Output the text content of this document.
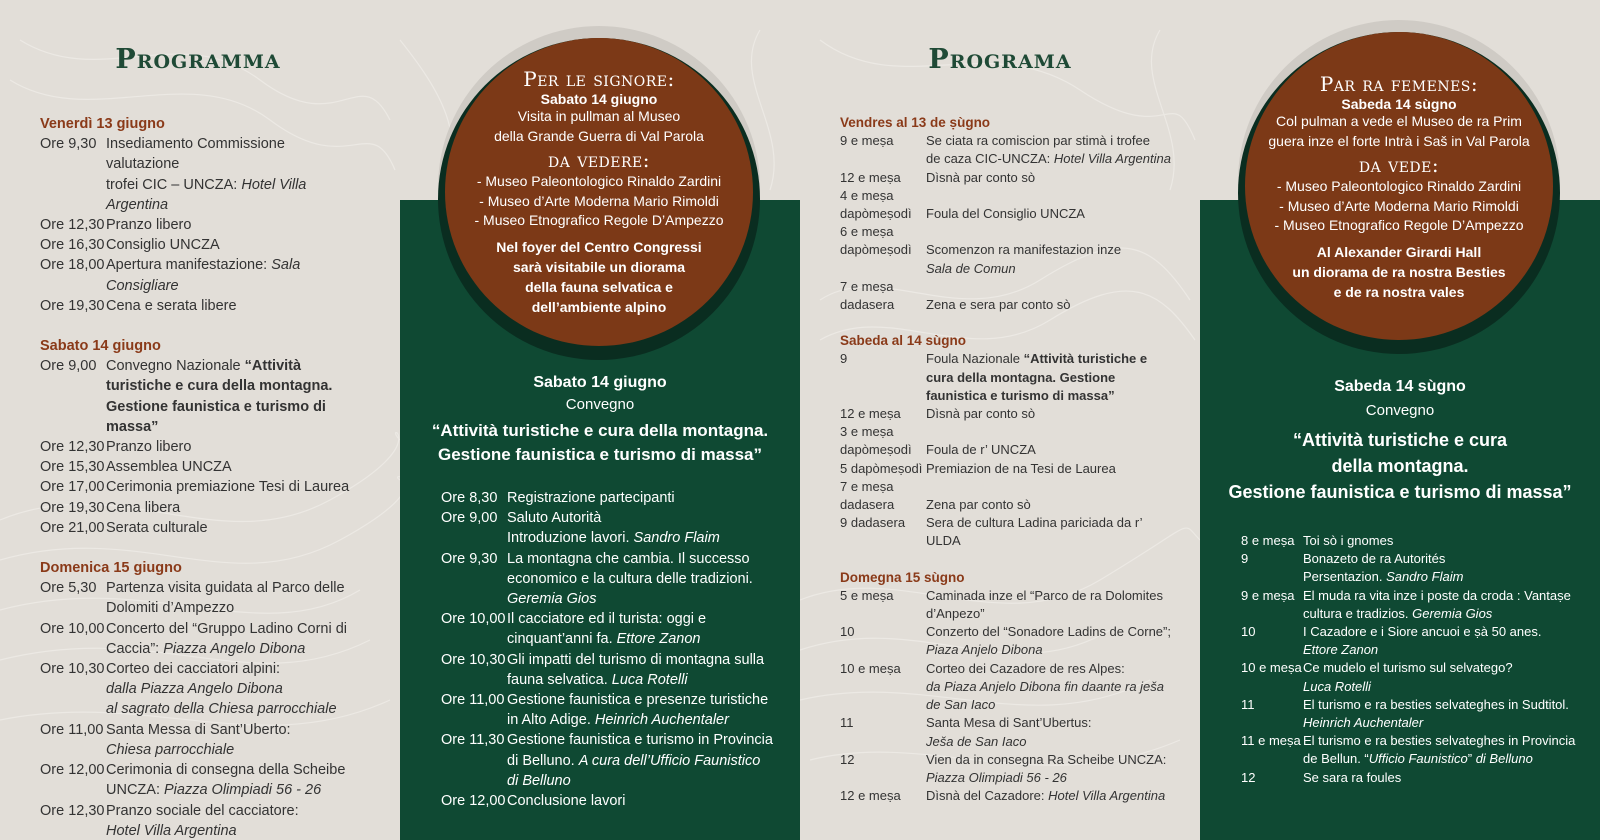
Programma
Venerdì 13 giugno
Ore 9,30 Insediamento Commissione valutazione
trofei CIC – UNCZA: Hotel Villa Argentina
Ore 12,30 Pranzo libero
Ore 16,30 Consiglio UNCZA
Ore 18,00 Apertura manifestazione: Sala Consigliare
Ore 19,30 Cena e serata libere
Sabato 14 giugno
Ore 9,00 Convegno Nazionale “Attività turistiche e cura della montagna. Gestione faunistica e turismo di massa”
Ore 12,30 Pranzo libero
Ore 15,30 Assemblea UNCZA
Ore 17,00 Cerimonia premiazione Tesi di Laurea
Ore 19,30 Cena libera
Ore 21,00 Serata culturale
Domenica 15 giugno
Ore 5,30 Partenza visita guidata al Parco delle Dolomiti d’Ampezzo
Ore 10,00 Concerto del “Gruppo Ladino Corni di Caccia”: Piazza Angelo Dibona
Ore 10,30 Corteo dei cacciatori alpini:
dalla Piazza Angelo Dibona
al sagrato della Chiesa parrocchiale
Ore 11,00 Santa Messa di Sant’Uberto:
Chiesa parrocchiale
Ore 12,00 Cerimonia di consegna della Scheibe UNCZA: Piazza Olimpiadi 56 - 26
Ore 12,30 Pranzo sociale del cacciatore:
Hotel Villa Argentina
Per le signore:
Sabato 14 giugno
Visita in pullman al Museo
della Grande Guerra di Val Parola
da vedere:
- Museo Paleontologico Rinaldo Zardini
- Museo d’Arte Moderna Mario Rimoldi
- Museo Etnografico Regole D’Ampezzo
Nel foyer del Centro Congressi
sarà visitabile un diorama
della fauna selvatica e
dell’ambiente alpino
Sabato 14 giugno
Convegno
“Attività turistiche e cura della montagna.
Gestione faunistica e turismo di massa”
Ore 8,30 Registrazione partecipanti
Ore 9,00 Saluto Autorità
Introduzione lavori. Sandro Flaim
Ore 9,30 La montagna che cambia. Il successo economico e la cultura delle tradizioni. Geremia Gios
Ore 10,00 Il cacciatore ed il turista: oggi e cinquant’anni fa. Ettore Zanon
Ore 10,30 Gli impatti del turismo di montagna sulla fauna selvatica. Luca Rotelli
Ore 11,00 Gestione faunistica e presenze turistiche in Alto Adige. Heinrich Auchentaler
Ore 11,30 Gestione faunistica e turismo in Provincia di Belluno. A cura dell’Ufficio Faunistico
di Belluno
Ore 12,00 Conclusione lavori
Programa
Vendres al 13 de ṣùgno
9 e meṣa	Se ciata ra comiscion par stimà i trofee
de caza CIC-UNCZA: Hotel Villa Argentina
12 e meṣa	Dìsnà par conto sò
4 e meṣa
dapòmeṣodì	Foula del Consiglio UNCZA
6 e meṣa
dapòmeṣodì	Scomenzon ra manifestazion inze
Sala de Comun
7 e meṣa
dadasera	Zena e sera par conto sò
Sabeda al 14 sùgno
9	Foula Nazionale “Attività turistiche e cura della montagna. Gestione faunistica e turismo di massa”
12 e meṣa	Dìsnà par conto sò
3 e meṣa
dapòmeṣodì	Foula de r’ UNCZA
5 dapòmeṣodì Premiazion de na Tesi de Laurea
7 e meṣa
dadasera	Zena par conto sò
9 dadasera	Sera de cultura Ladina pariciada da r’ ULDA
Domegna 15 sùgno
5 e meṣa	Caminada inze el “Parco de ra Dolomites d’Anpezo”
10	Conzerto del “Sonadore Ladins de Corne”;
Piaza Anjelo Dibona
10 e meṣa	Corteo dei Cazadore de res Alpes:
da Piaza Anjelo Dibona fin daante ra ješa de San Iaco
11	Santa Mesa di Sant’Ubertus:
Ješa de San Iaco
12	Vien da in consegna Ra Scheibe UNCZA:
Piazza Olimpiadi 56 - 26
12 e meṣa	Dìsnà del Cazadore: Hotel Villa Argentina
Par ra femenes:
Sabeda 14 sùgno
Col pulman a vede el Museo de ra Prim
guera inze el forte Intrà i Saš in Val Parola
da vede:
- Museo Paleontologico Rinaldo Zardini
- Museo d’Arte Moderna Mario Rimoldi
- Museo Etnografico Regole D’Ampezzo
Al Alexander Girardi Hall
un diorama de ra nostra Besties
e de ra nostra vales
Sabeda 14 sùgno
Convegno
“Attività turistiche e cura
della montagna.
Gestione faunistica e turismo di massa”
8 e meṣa Toi sò i gnomes
9	Bonazeto de ra Autorités
Persentazion. Sandro Flaim
9 e meṣa El muda ra vita inze i poste da croda : Vantaṣe cultura e tradizios. Geremia Gios
10	I Cazadore e i Siore ancuoi e ṣà 50 anes.
Ettore Zanon
10 e meṣa Ce mudelo el turismo sul selvatego?
Luca Rotelli
11	El turismo e ra besties selvateghes in Sudtitol.
Heinrich Auchentaler
11 e meṣa El turismo e ra besties selvateghes in Provincia de Bellun. “Ufficio Faunistico” di Belluno
12	Se sara ra foules
